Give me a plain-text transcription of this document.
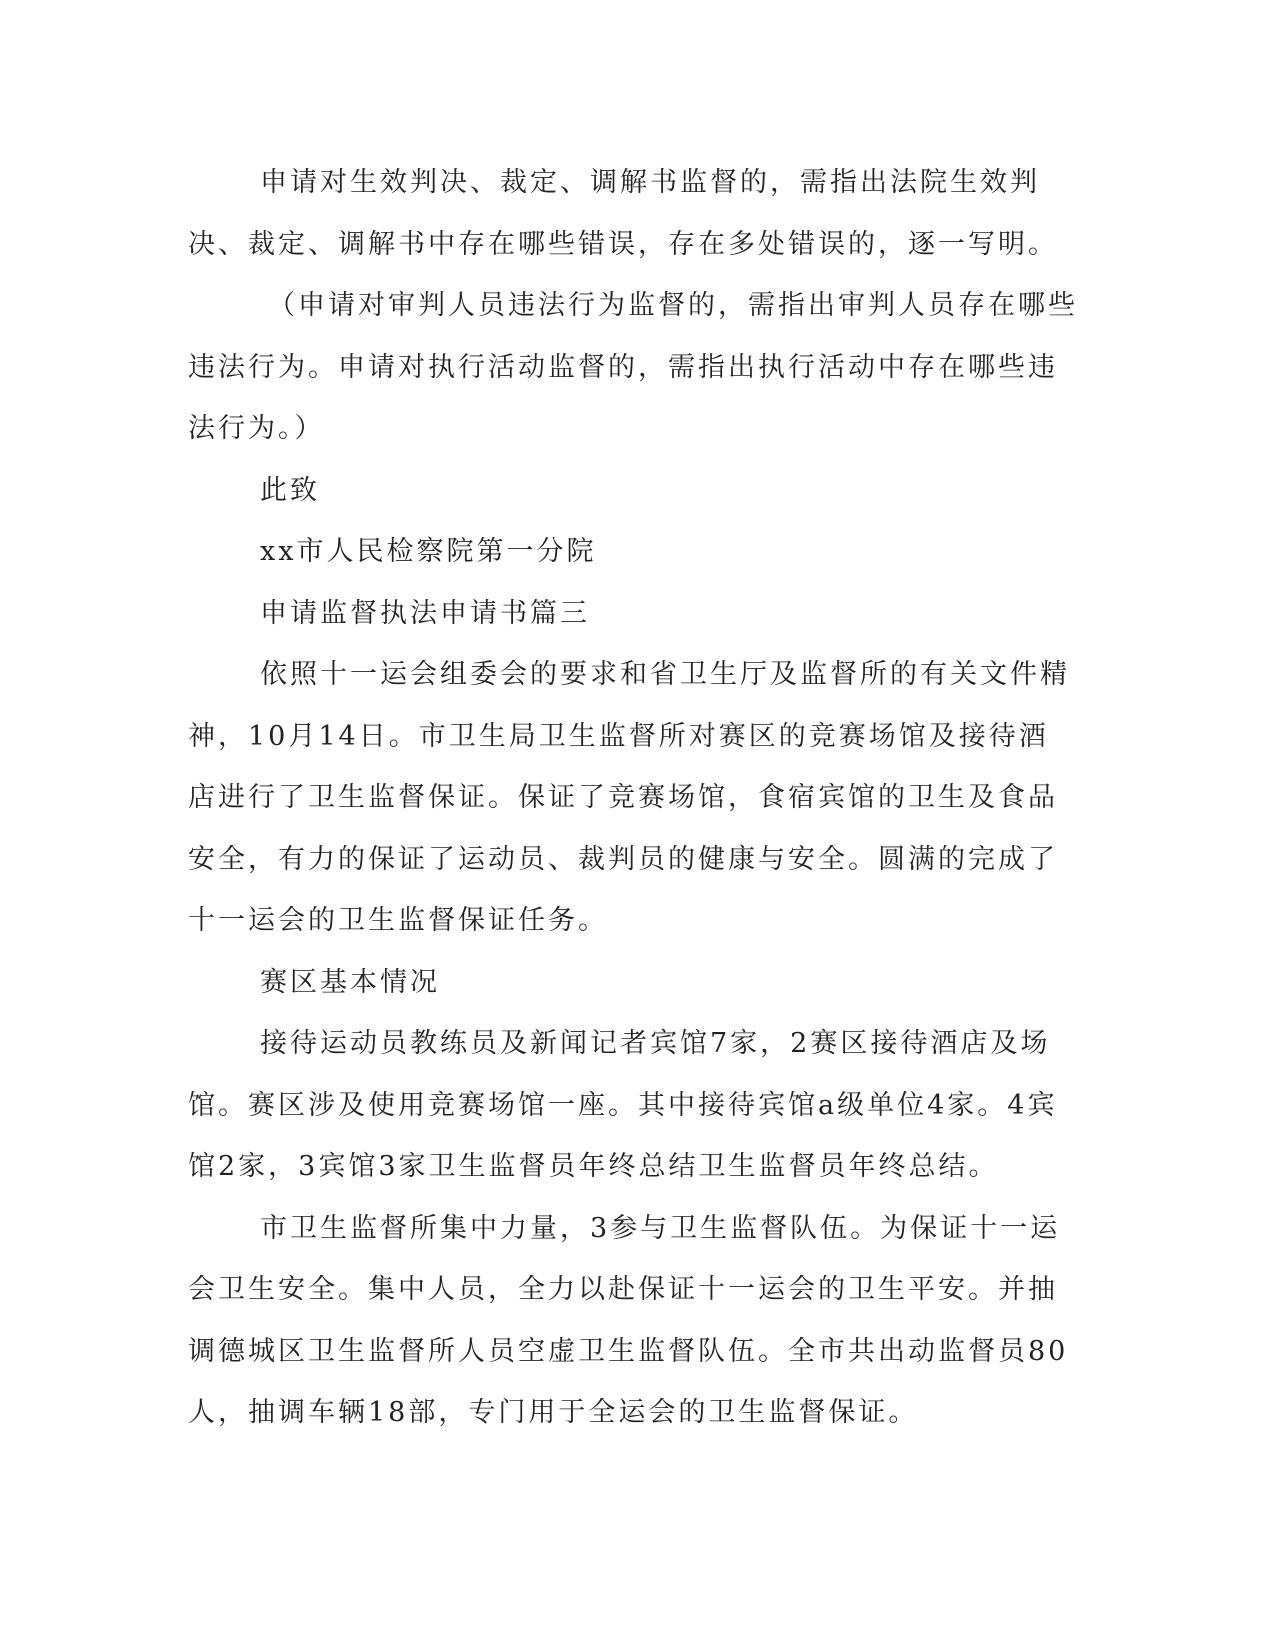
申请对生效判决、裁定、调解书监督的，需指出法院生效判决、裁定、调解书中存在哪些错误，存在多处错误的，逐一写明。

（申请对审判人员违法行为监督的，需指出审判人员存在哪些违法行为。申请对执行活动监督的，需指出执行活动中存在哪些违法行为。）

此致

xx市人民检察院第一分院

申请监督执法申请书篇三

依照十一运会组委会的要求和省卫生厅及监督所的有关文件精神，10月14日。市卫生局卫生监督所对赛区的竞赛场馆及接待酒店进行了卫生监督保证。保证了竞赛场馆，食宿宾馆的卫生及食品安全，有力的保证了运动员、裁判员的健康与安全。圆满的完成了十一运会的卫生监督保证任务。

赛区基本情况

接待运动员教练员及新闻记者宾馆7家，2赛区接待酒店及场馆。赛区涉及使用竞赛场馆一座。其中接待宾馆a级单位4家。4宾馆2家，3宾馆3家卫生监督员年终总结卫生监督员年终总结。

市卫生监督所集中力量，3参与卫生监督队伍。为保证十一运会卫生安全。集中人员，全力以赴保证十一运会的卫生平安。并抽调德城区卫生监督所人员空虚卫生监督队伍。全市共出动监督员80人，抽调车辆18部，专门用于全运会的卫生监督保证。
